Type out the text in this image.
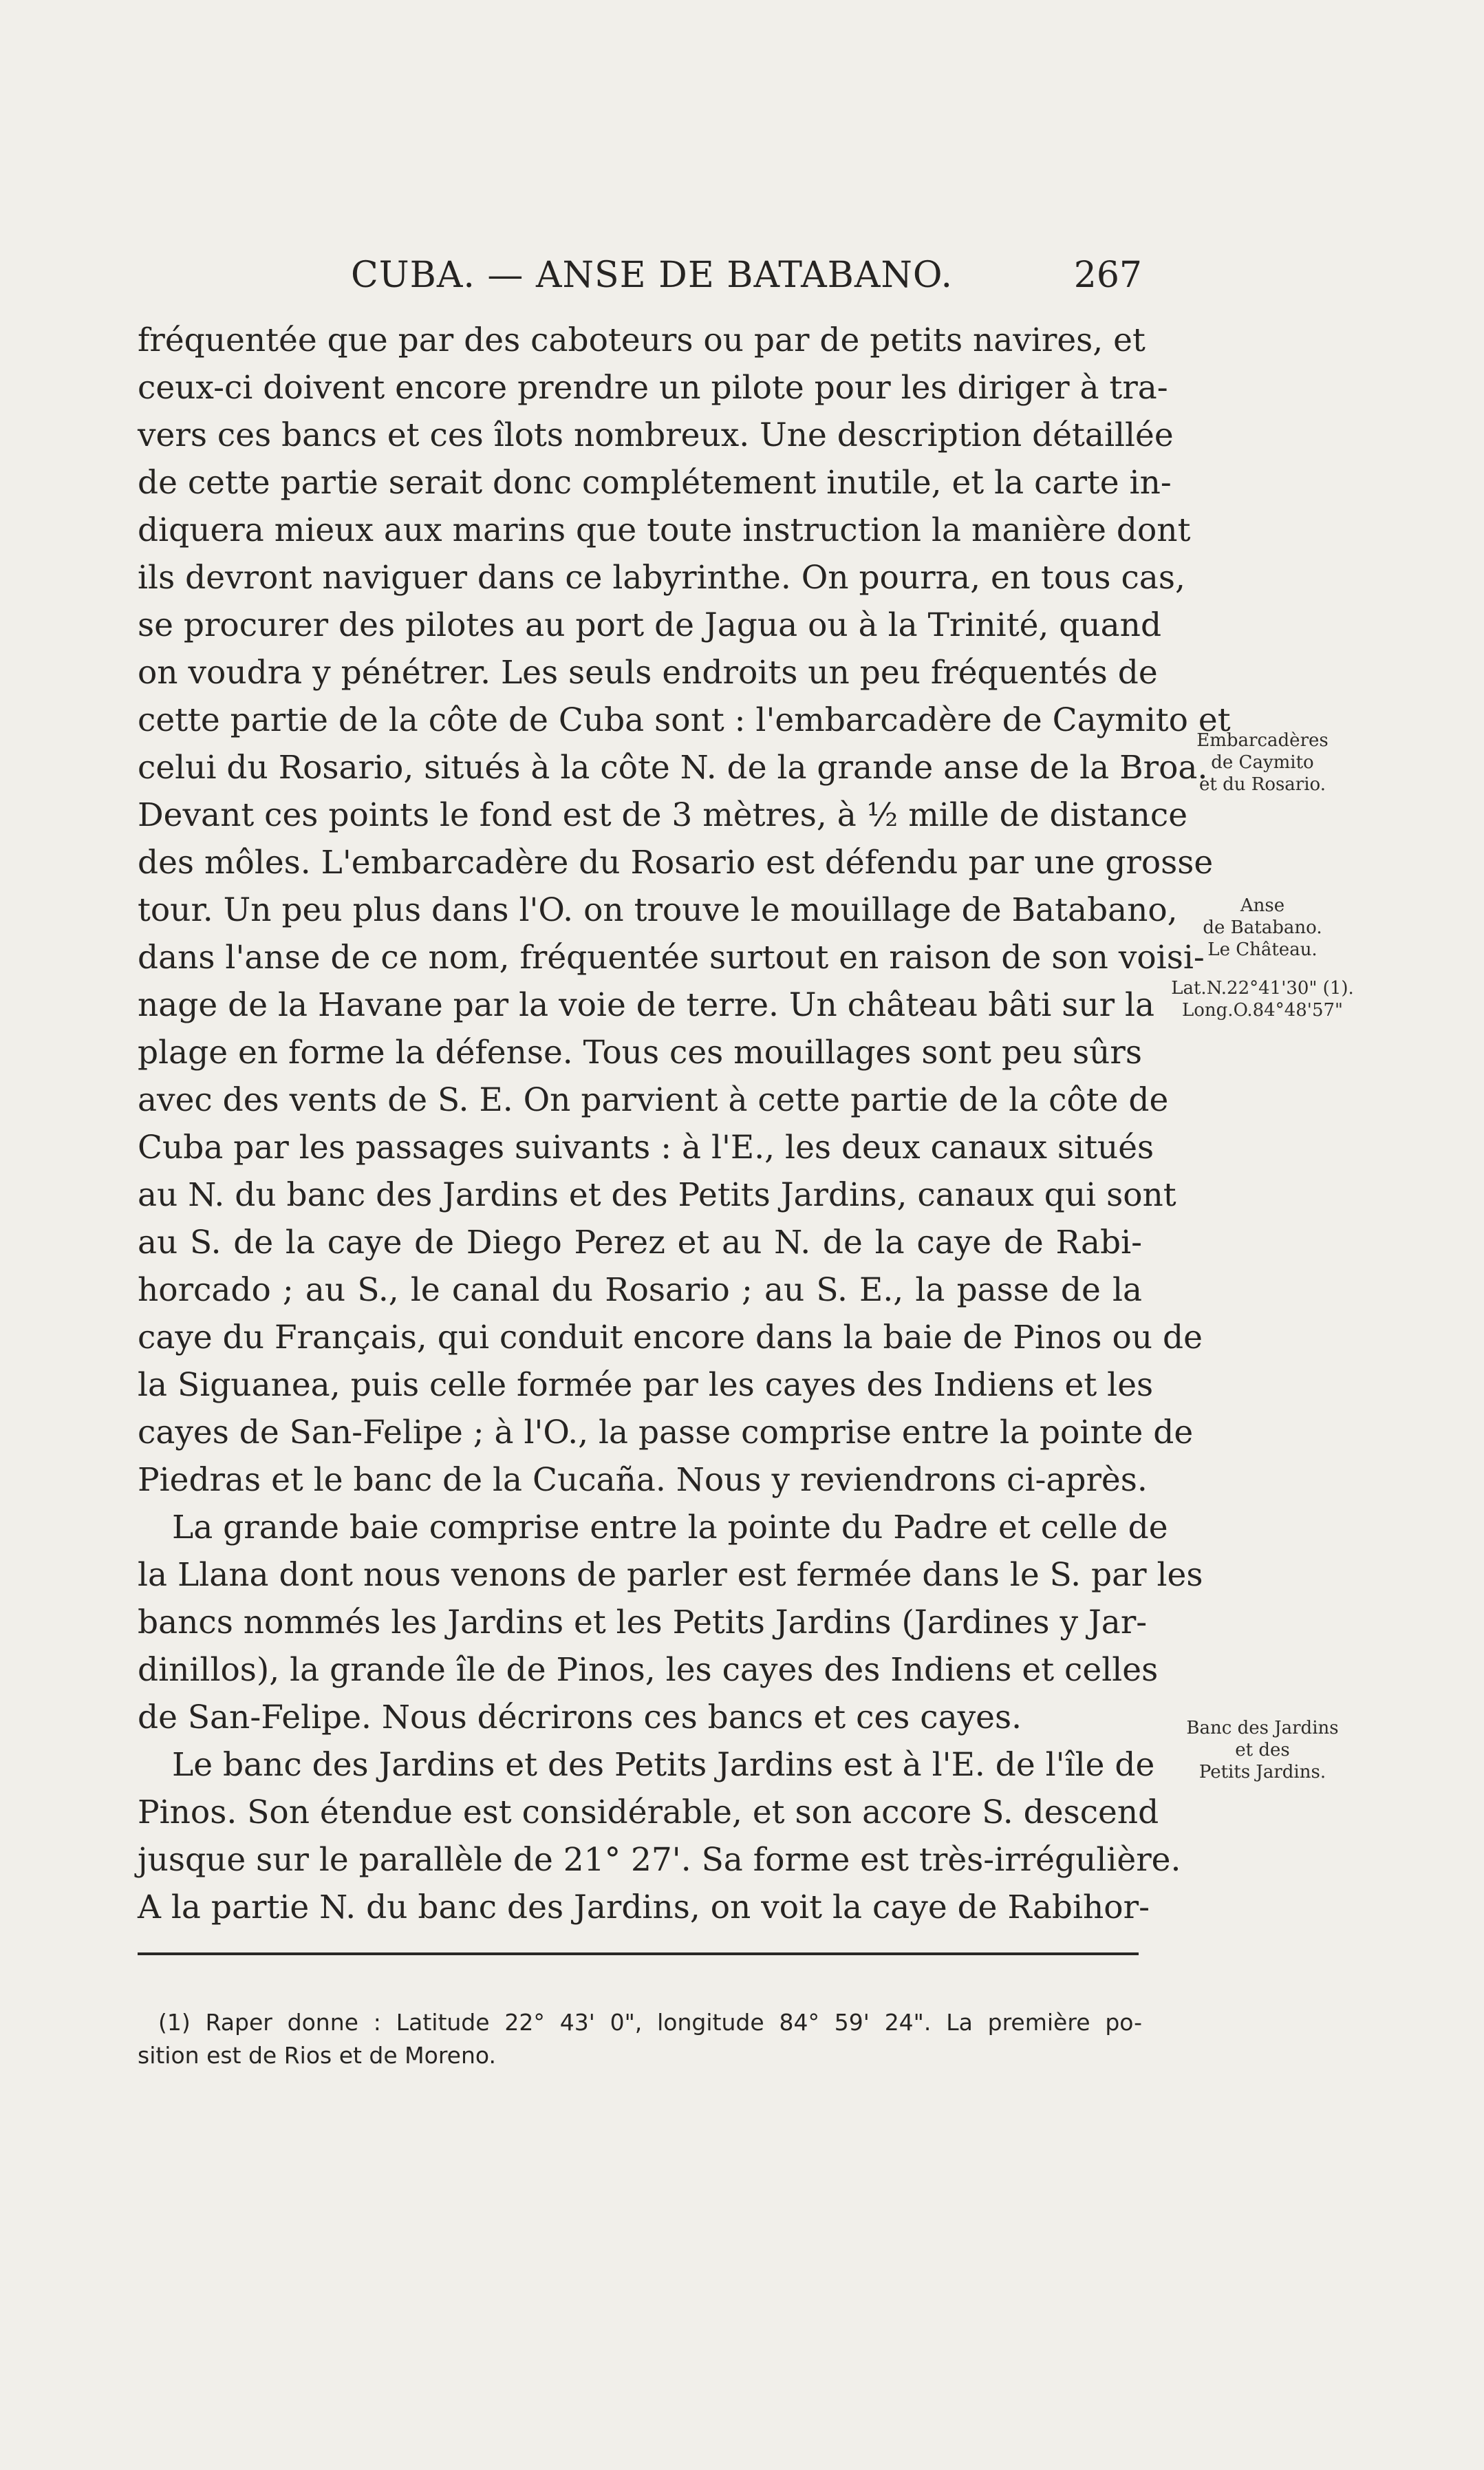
CUBA. — ANSE DE BATABANO.	267
fréquentée que par des caboteurs ou par de petits navires, et
ceux-ci doivent encore prendre un pilote pour les diriger à tra-
vers ces bancs et ces îlots nombreux. Une description détaillée
de cette partie serait donc complétement inutile, et la carte in-
diquera mieux aux marins que toute instruction la manière dont
ils devront naviguer dans ce labyrinthe. On pourra, en tous cas,
se procurer des pilotes au port de Jagua ou à la Trinité, quand
on voudra y pénétrer. Les seuls endroits un peu fréquentés de
cette partie de la côte de Cuba sont : l'embarcadère de Caymito et
celui du Rosario, situés à la côte N. de la grande anse de la Broa.
Devant ces points le fond est de 3 mètres, à ½ mille de distance
des môles. L'embarcadère du Rosario est défendu par une grosse
tour. Un peu plus dans l'O. on trouve le mouillage de Batabano,
dans l'anse de ce nom, fréquentée surtout en raison de son voisi-
nage de la Havane par la voie de terre. Un château bâti sur la
plage en forme la défense. Tous ces mouillages sont peu sûrs
avec des vents de S. E. On parvient à cette partie de la côte de
Cuba par les passages suivants : à l'E., les deux canaux situés
au N. du banc des Jardins et des Petits Jardins, canaux qui sont
au S. de la caye de Diego Perez et au N. de la caye de Rabi-
horcado ; au S., le canal du Rosario ; au S. E., la passe de la
caye du Français, qui conduit encore dans la baie de Pinos ou de
la Siguanea, puis celle formée par les cayes des Indiens et les
cayes de San-Felipe ; à l'O., la passe comprise entre la pointe de
Piedras et le banc de la Cucaña. Nous y reviendrons ci-après.
La grande baie comprise entre la pointe du Padre et celle de
la Llana dont nous venons de parler est fermée dans le S. par les
bancs nommés les Jardins et les Petits Jardins (Jardines y Jar-
dinillos), la grande île de Pinos, les cayes des Indiens et celles
de San-Felipe. Nous décrirons ces bancs et ces cayes.
Le banc des Jardins et des Petits Jardins est à l'E. de l'île de
Pinos. Son étendue est considérable, et son accore S. descend
jusque sur le parallèle de 21° 27'. Sa forme est très-irrégulière.
A la partie N. du banc des Jardins, on voit la caye de Rabihor-
Embarcadères
de Caymito
et du Rosario.
Anse
de Batabano.
Le Château.
Lat.N.22°41'30" (1).
Long.O.84°48'57"
Banc des Jardins
et des
Petits Jardins.
(1) Raper donne : Latitude 22° 43' 0", longitude 84° 59' 24". La première po-
sition est de Rios et de Moreno.
